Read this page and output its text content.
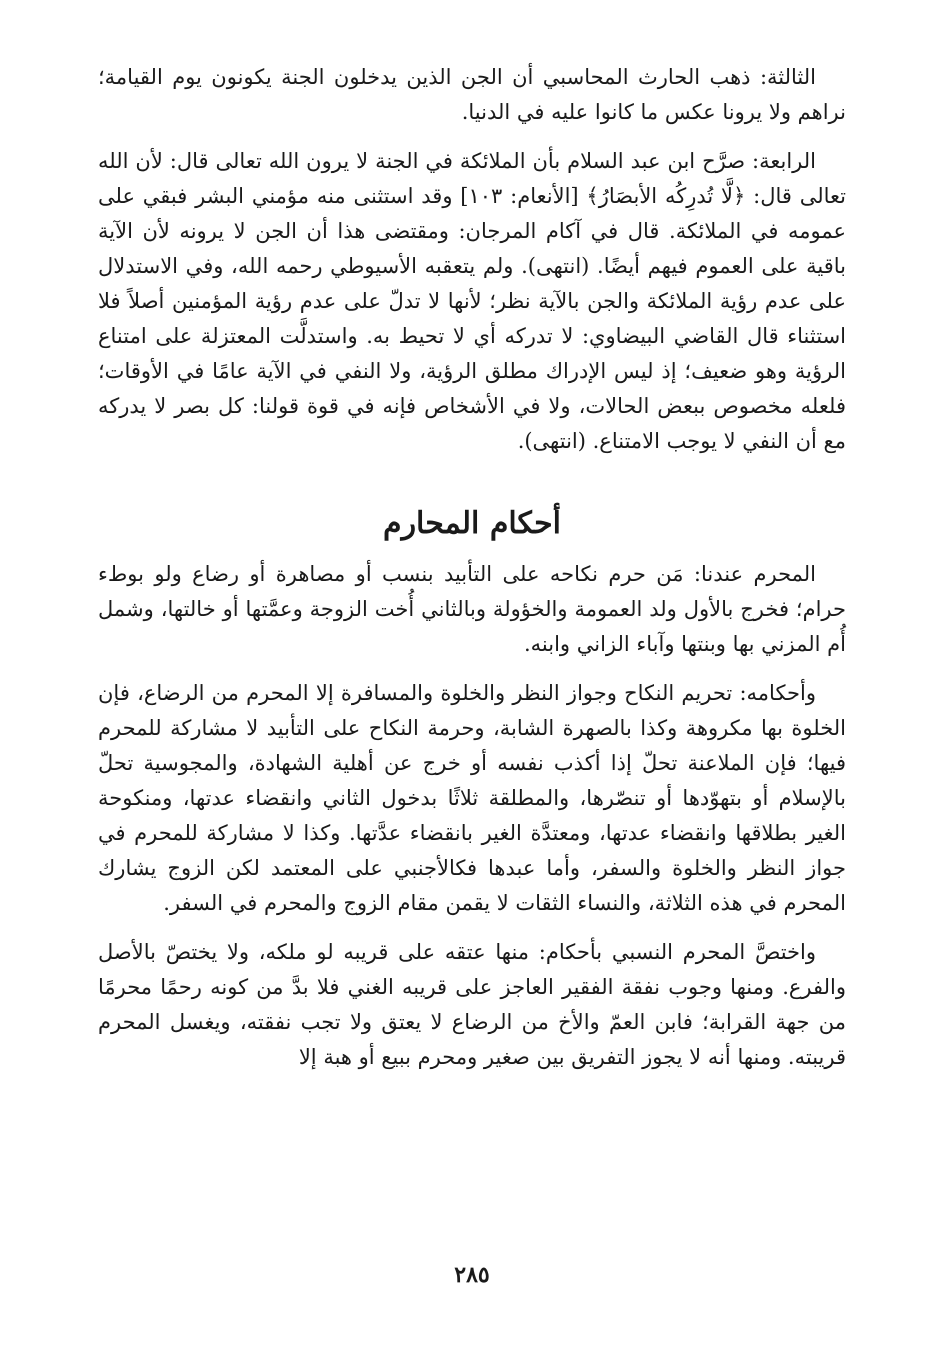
الثالثة: ذهب الحارث المحاسبي أن الجن الذين يدخلون الجنة يكونون يوم القيامة؛ نراهم ولا يرونا عكس ما كانوا عليه في الدنيا.

الرابعة: صرَّح ابن عبد السلام بأن الملائكة في الجنة لا يرون الله تعالى قال: لأن الله تعالى قال: ﴿لَّا تُدرِكُه الأبصَارُ﴾ [الأنعام: ١٠٣] وقد استثنى منه مؤمني البشر فبقي على عمومه في الملائكة. قال في آكام المرجان: ومقتضى هذا أن الجن لا يرونه لأن الآية باقية على العموم فيهم أيضًا. (انتهى). ولم يتعقبه الأسيوطي رحمه الله، وفي الاستدلال على عدم رؤية الملائكة والجن بالآية نظر؛ لأنها لا تدلّ على عدم رؤية المؤمنين أصلاً فلا استثناء قال القاضي البيضاوي: لا تدركه أي لا تحيط به. واستدلَّت المعتزلة على امتناع الرؤية وهو ضعيف؛ إذ ليس الإدراك مطلق الرؤية، ولا النفي في الآية عامًا في الأوقات؛ فلعله مخصوص ببعض الحالات، ولا في الأشخاص فإنه في قوة قولنا: كل بصر لا يدركه مع أن النفي لا يوجب الامتناع. (انتهى).

أحكام المحارم

المحرم عندنا: مَن حرم نكاحه على التأبيد بنسب أو مصاهرة أو رضاع ولو بوطء حرام؛ فخرج بالأول ولد العمومة والخؤولة وبالثاني أُخت الزوجة وعمَّتها أو خالتها، وشمل أُم المزني بها وبنتها وآباء الزاني وابنه.

وأحكامه: تحريم النكاح وجواز النظر والخلوة والمسافرة إلا المحرم من الرضاع، فإن الخلوة بها مكروهة وكذا بالصهرة الشابة، وحرمة النكاح على التأبيد لا مشاركة للمحرم فيها؛ فإن الملاعنة تحلّ إذا أكذب نفسه أو خرج عن أهلية الشهادة، والمجوسية تحلّ بالإسلام أو بتهوّدها أو تنصّرها، والمطلقة ثلاثًا بدخول الثاني وانقضاء عدتها، ومنكوحة الغير بطلاقها وانقضاء عدتها، ومعتدَّة الغير بانقضاء عدَّتها. وكذا لا مشاركة للمحرم في جواز النظر والخلوة والسفر، وأما عبدها فكالأجنبي على المعتمد لكن الزوج يشارك المحرم في هذه الثلاثة، والنساء الثقات لا يقمن مقام الزوج والمحرم في السفر.

واختصَّ المحرم النسبي بأحكام: منها عتقه على قريبه لو ملكه، ولا يختصّ بالأصل والفرع. ومنها وجوب نفقة الفقير العاجز على قريبه الغني فلا بدَّ من كونه رحمًا محرمًا من جهة القرابة؛ فابن العمّ والأخ من الرضاع لا يعتق ولا تجب نفقته، ويغسل المحرم قريبته. ومنها أنه لا يجوز التفريق بين صغير ومحرم ببيع أو هبة إلا

٢٨٥
